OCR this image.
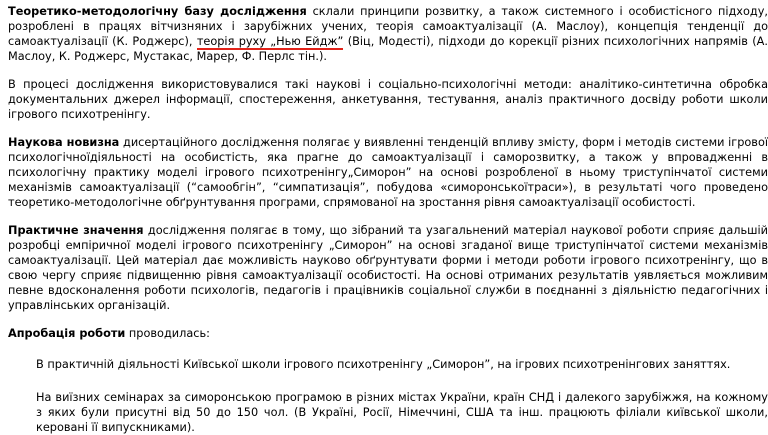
Теоретико-методологічну базу дослідження склали принципи розвитку, а також системного і особистісного підходу, розроблені в працях вітчизняних і зарубіжних учених, теорія самоактуалізації (А. Маслоу), концепція тенденції до самоактуалізації (К. Роджерс), теорія руху „Нью Ейдж” (Віц, Модесті), підходи до корекції різних психологічних напрямів (А. Маслоу, К. Роджерс, Мустакас, Марер, Ф. Перлс тін.).

В процесі дослідження використовувалися такі наукові і соціально-психологічні методи: аналітико-синтетична обробка документальних джерел інформації, спостереження, анкетування, тестування, аналіз практичного досвіду роботи школи ігрового психотренінгу.

Наукова новизна дисертаційного дослідження полягає у виявленні тенденцій впливу змісту, форм і методів системи ігрової психологічноїдіяльності на особистість, яка прагне до самоактуалізації і саморозвитку, а також у впровадженні в психологічну практику моделі ігрового психотренінгу„Симорон” на основі розробленої в ньому триступінчатої системи механізмів самоактуалізації (“самообгін”, “симпатизація”, побудова «симоронськоїтраси»), в результаті чого проведено теоретико-методологічне обґрунтування програми, спрямованої на зростання рівня самоактуалізації особистості.

Практичне значення дослідження полягає в тому, що зібраний та узагальнений матеріал наукової роботи сприяє дальшій розробці емпіричної моделі ігрового психотренінгу „Симорон” на основі згаданої вище триступінчатої системи механізмів самоактуалізації. Цей матеріал дає можливість науково обґрунтувати форми і методи роботи ігрового психотренінгу, що в свою чергу сприяє підвищенню рівня самоактуалізації особистості. На основі отриманих результатів уявляється можливим певне вдосконалення роботи психологів, педагогів і працівників соціальної служби в поєднанні з діяльністю педагогічних і управлінських організацій.

Апробація роботи проводилась:

В практичній діяльності Київської школи ігрового психотренінгу „Симорон”, на ігрових психотренінгових заняттях.

На виїзних семінарах за симоронською програмою в різних містах України, країн СНД і далекого зарубіжжя, на кожному з яких були присутні від 50 до 150 чол. (В Україні, Росії, Німеччині, США та інш. працюють філіали київської школи, керовані її випускниками).
